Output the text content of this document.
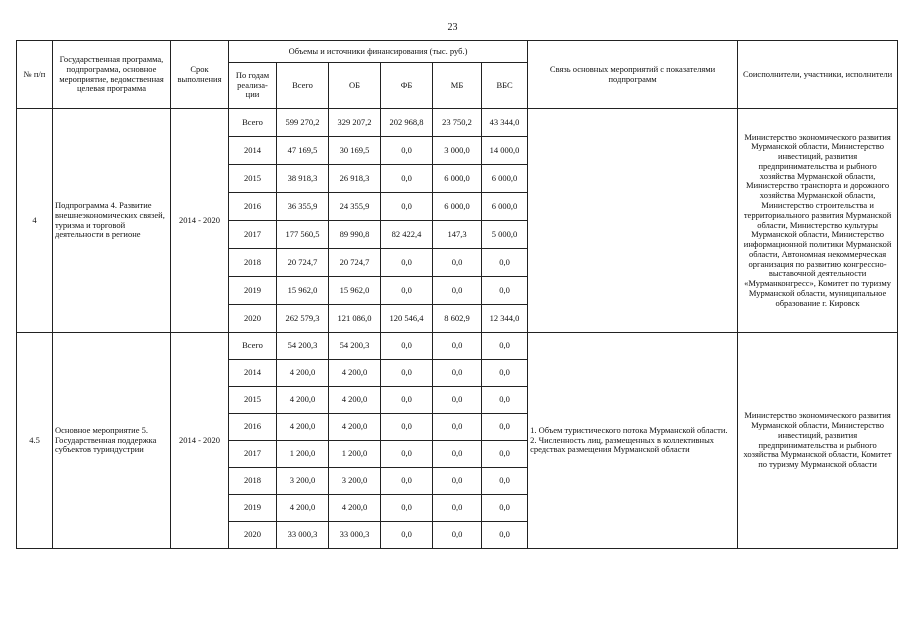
23
№ п/п	Государственная программа, подпрограмма, основное мероприятие, ведомственная целевая программа	Срок выполнения	Объемы и источники финансирования (тыс. руб.)						Связь основных мероприятий с показателями подпрограмм	Соисполнители, участники, исполнители
			По годам реализа-ции	Всего	ОБ	ФБ	МБ	ВБС		
4	Подпрограмма 4. Развитие внешнеэкономических связей, туризма и торговой деятельности в регионе	2014 - 2020	Всего	599 270,2	329 207,2	202 968,8	23 750,2	43 344,0		Министерство экономического развития Мурманской области, Министерство инвестиций, развития предпринимательства и рыбного хозяйства Мурманской области, Министерство транспорта и дорожного хозяйства Мурманской области, Министерство строительства и территориального развития Мурманской области, Министерство культуры Мурманской области, Министерство информационной политики Мурманской области, Автономная некоммерческая организация по развитию конгрессно-выставочной деятельности «Мурманконгресс», Комитет по туризму Мурманской области, муниципальное образование г. Кировск
			2014	47 169,5	30 169,5	0,0	3 000,0	14 000,0		
			2015	38 918,3	26 918,3	0,0	6 000,0	6 000,0		
			2016	36 355,9	24 355,9	0,0	6 000,0	6 000,0		
			2017	177 560,5	89 990,8	82 422,4	147,3	5 000,0		
			2018	20 724,7	20 724,7	0,0	0,0	0,0		
			2019	15 962,0	15 962,0	0,0	0,0	0,0		
			2020	262 579,3	121 086,0	120 546,4	8 602,9	12 344,0		
4.5	Основное мероприятие 5. Государственная поддержка субъектов туриндустрии	2014 - 2020	Всего	54 200,3	54 200,3	0,0	0,0	0,0	1. Объем туристического потока Мурманской области. 2. Численность лиц, размещенных в коллективных средствах размещения Мурманской области	Министерство экономического развития Мурманской области, Министерство инвестиций, развития предпринимательства и рыбного хозяйства Мурманской области, Комитет по туризму Мурманской области
			2014	4 200,0	4 200,0	0,0	0,0	0,0		
			2015	4 200,0	4 200,0	0,0	0,0	0,0		
			2016	4 200,0	4 200,0	0,0	0,0	0,0		
			2017	1 200,0	1 200,0	0,0	0,0	0,0		
			2018	3 200,0	3 200,0	0,0	0,0	0,0		
			2019	4 200,0	4 200,0	0,0	0,0	0,0		
			2020	33 000,3	33 000,3	0,0	0,0	0,0		
